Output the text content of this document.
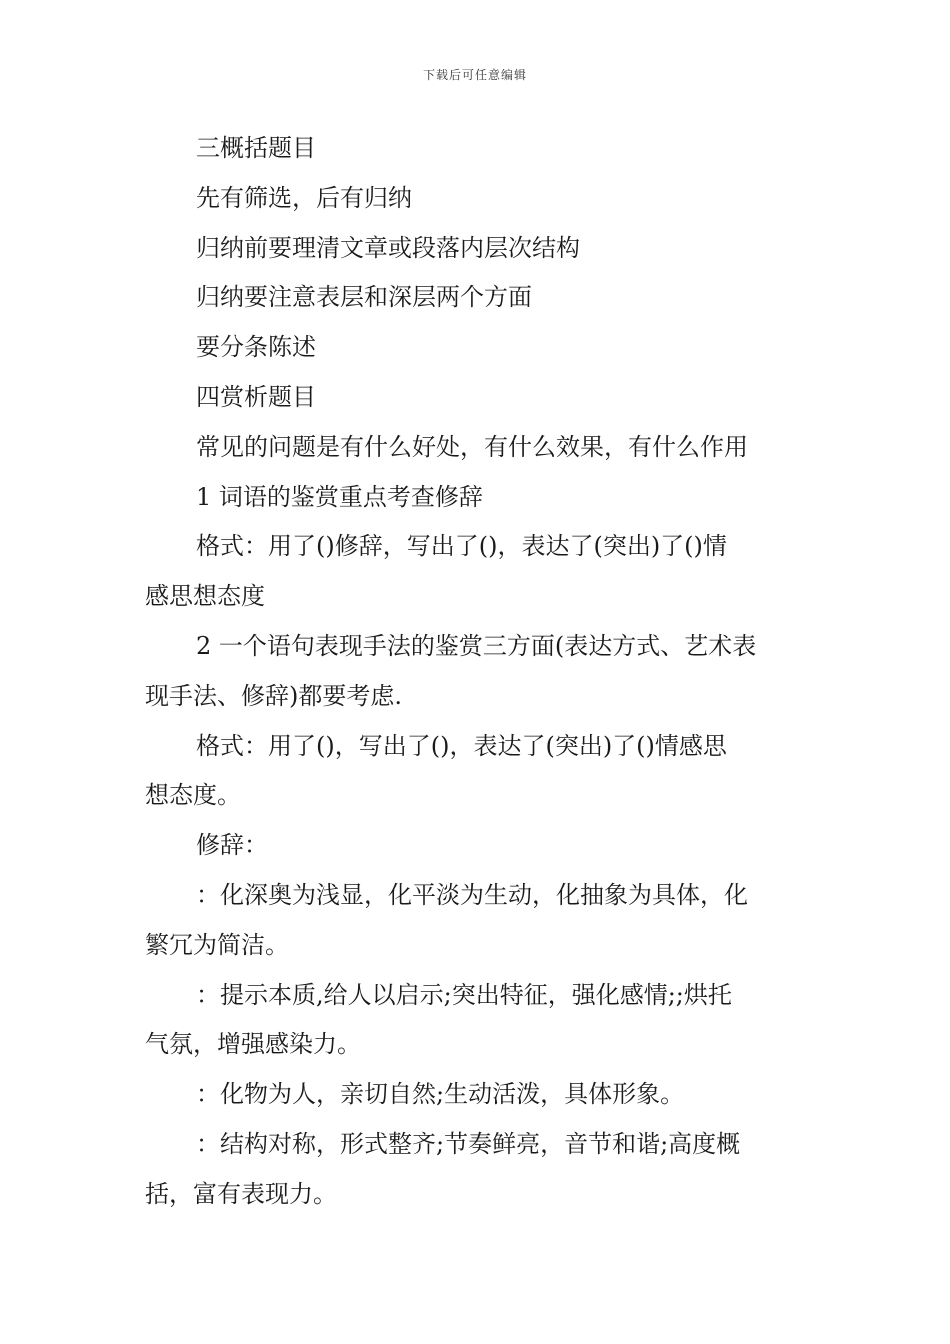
下载后可任意编辑
三概括题目
先有筛选，后有归纳
归纳前要理清文章或段落内层次结构
归纳要注意表层和深层两个方面
要分条陈述
四赏析题目
常见的问题是有什么好处，有什么效果，有什么作用
1 词语的鉴赏重点考查修辞
格式：用了()修辞，写出了()，表达了(突出)了()情
感思想态度
2 一个语句表现手法的鉴赏三方面(表达方式、艺术表
现手法、修辞)都要考虑.
格式：用了()，写出了()，表达了(突出)了()情感思
想态度。
修辞：
：化深奥为浅显，化平淡为生动，化抽象为具体，化
繁冗为简洁。
：提示本质,给人以启示;突出特征，强化感情;;烘托
气氛，增强感染力。
：化物为人，亲切自然;生动活泼，具体形象。
：结构对称，形式整齐;节奏鲜亮，音节和谐;高度概
括，富有表现力。
